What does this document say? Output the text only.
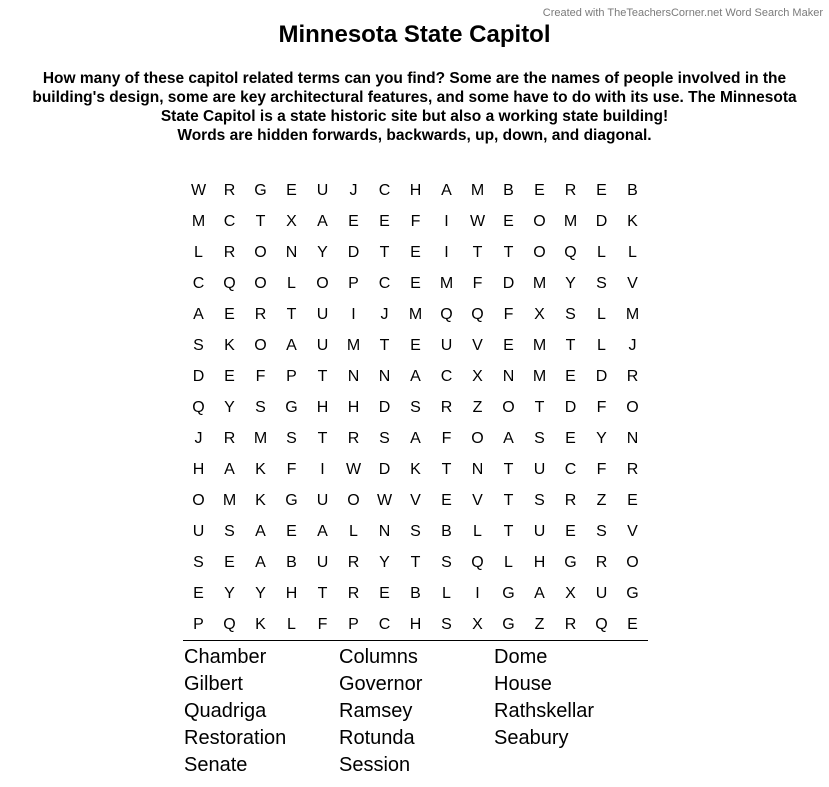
Created with TheTeachersCorner.net Word Search Maker
Minnesota State Capitol

How many of these capitol related terms can you find? Some are the names of people involved in the building's design, some are key architectural features, and some have to do with its use. The Minnesota State Capitol is a state historic site but also a working state building!

Words are hidden forwards, backwards, up, down, and diagonal.

W	R	G	E	U	J	C	H	A	M	B	E	R	E	B
M	C	T	X	A	E	E	F	I	W	E	O	M	D	K
L	R	O	N	Y	D	T	E	I	T	T	O	Q	L	L
C	Q	O	L	O	P	C	E	M	F	D	M	Y	S	V
A	E	R	T	U	I	J	M	Q	Q	F	X	S	L	M
S	K	O	A	U	M	T	E	U	V	E	M	T	L	J
D	E	F	P	T	N	N	A	C	X	N	M	E	D	R
Q	Y	S	G	H	H	D	S	R	Z	O	T	D	F	O
J	R	M	S	T	R	S	A	F	O	A	S	E	Y	N
H	A	K	F	I	W	D	K	T	N	T	U	C	F	R
O	M	K	G	U	O	W	V	E	V	T	S	R	Z	E
U	S	A	E	A	L	N	S	B	L	T	U	E	S	V
S	E	A	B	U	R	Y	T	S	Q	L	H	G	R	O
E	Y	Y	H	T	R	E	B	L	I	G	A	X	U	G
P	Q	K	L	F	P	C	H	S	X	G	Z	R	Q	E
Chamber	Columns	Dome
Gilbert	Governor	House
Quadriga	Ramsey	Rathskellar
Restoration	Rotunda	Seabury
Senate	Session
